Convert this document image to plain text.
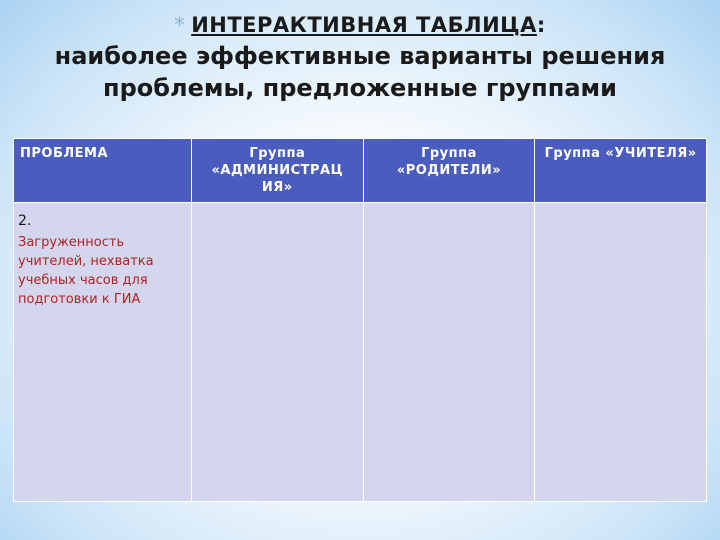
* ИНТЕРАКТИВНАЯ ТАБЛИЦА:
наиболее эффективные варианты решения проблемы, предложенные группами
ПРОБЛЕМА	Группа «АДМИНИСТРАЦ ИЯ»	Группа «РОДИТЕЛИ»	Группа «УЧИТЕЛЯ»

2.
Загруженность учителей, нехватка учебных часов для подготовки к ГИА			
